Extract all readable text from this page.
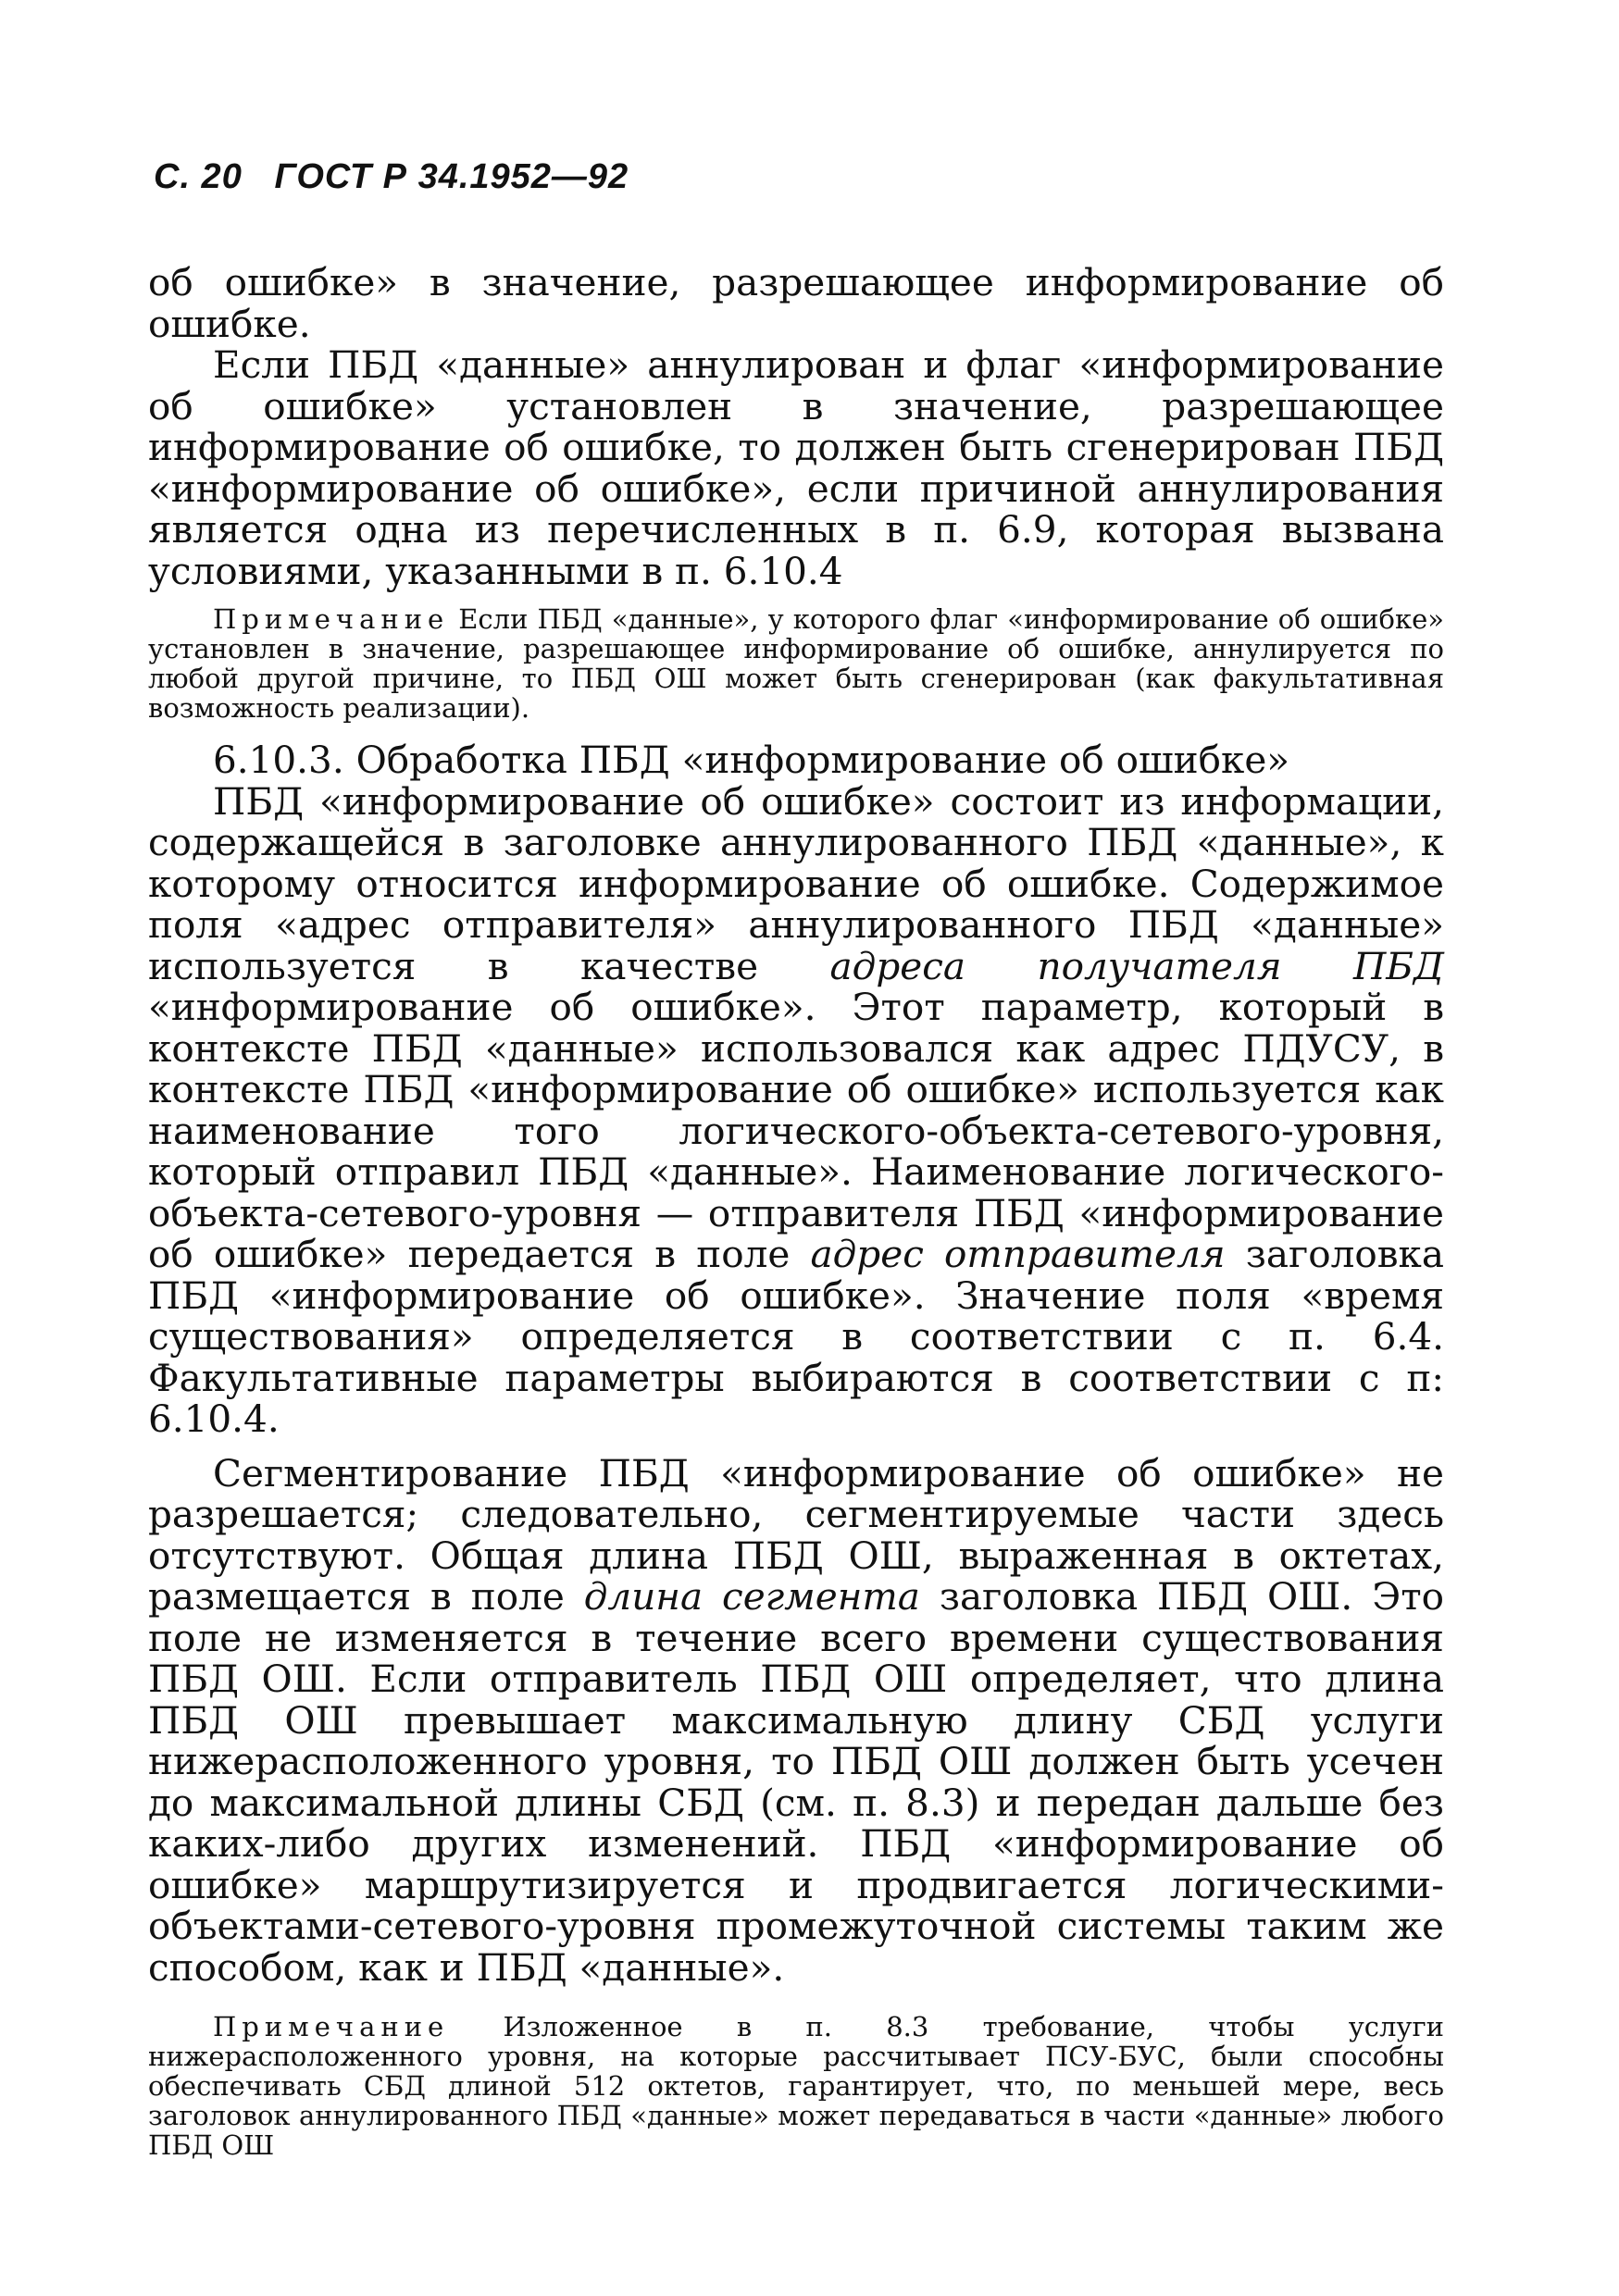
С. 20 ГОСТ Р 34.1952—92

об ошибке» в значение, разрешающее информирование об ошибке.

Если ПБД «данные» аннулирован и флаг «информирование об ошибке» установлен в значение, разрешающее информирование об ошибке, то должен быть сгенерирован ПБД «информирование об ошибке», если причиной аннулирования является одна из перечисленных в п. 6.9, которая вызвана условиями, указанными в п. 6.10.4

Примечание Если ПБД «данные», у которого флаг «информирование об ошибке» установлен в значение, разрешающее информирование об ошибке, аннулируется по любой другой причине, то ПБД ОШ может быть сгенерирован (как факультативная возможность реализации).

6.10.3. Обработка ПБД «информирование об ошибке»

ПБД «информирование об ошибке» состоит из информации, содержащейся в заголовке аннулированного ПБД «данные», к которому относится информирование об ошибке. Содержимое поля «адрес отправителя» аннулированного ПБД «данные» используется в качестве адреса получателя ПБД «информирование об ошибке». Этот параметр, который в контексте ПБД «данные» использовался как адрес ПДУСУ, в контексте ПБД «информирование об ошибке» используется как наименование того логического-объекта-сетевого-уровня, который отправил ПБД «данные». Наименование логического-объекта-сетевого-уровня — отправителя ПБД «информирование об ошибке» передается в поле адрес отправителя заголовка ПБД «информирование об ошибке». Значение поля «время существования» определяется в соответствии с п. 6.4. Факультативные параметры выбираются в соответствии с п: 6.10.4.

Сегментирование ПБД «информирование об ошибке» не разрешается; следовательно, сегментируемые части здесь отсутствуют. Общая длина ПБД ОШ, выраженная в октетах, размещается в поле длина сегмента заголовка ПБД ОШ. Это поле не изменяется в течение всего времени существования ПБД ОШ. Если отправитель ПБД ОШ определяет, что длина ПБД ОШ превышает максимальную длину СБД услуги нижерасположенного уровня, то ПБД ОШ должен быть усечен до максимальной длины СБД (см. п. 8.3) и передан дальше без каких-либо других изменений. ПБД «информирование об ошибке» маршрутизируется и продвигается логическими-объектами-сетевого-уровня промежуточной системы таким же способом, как и ПБД «данные».

Примечание Изложенное в п. 8.3 требование, чтобы услуги нижерасположенного уровня, на которые рассчитывает ПСУ-БУС, были способны обеспечивать СБД длиной 512 октетов, гарантирует, что, по меньшей мере, весь заголовок аннулированного ПБД «данные» может передаваться в части «данные» любого ПБД ОШ
